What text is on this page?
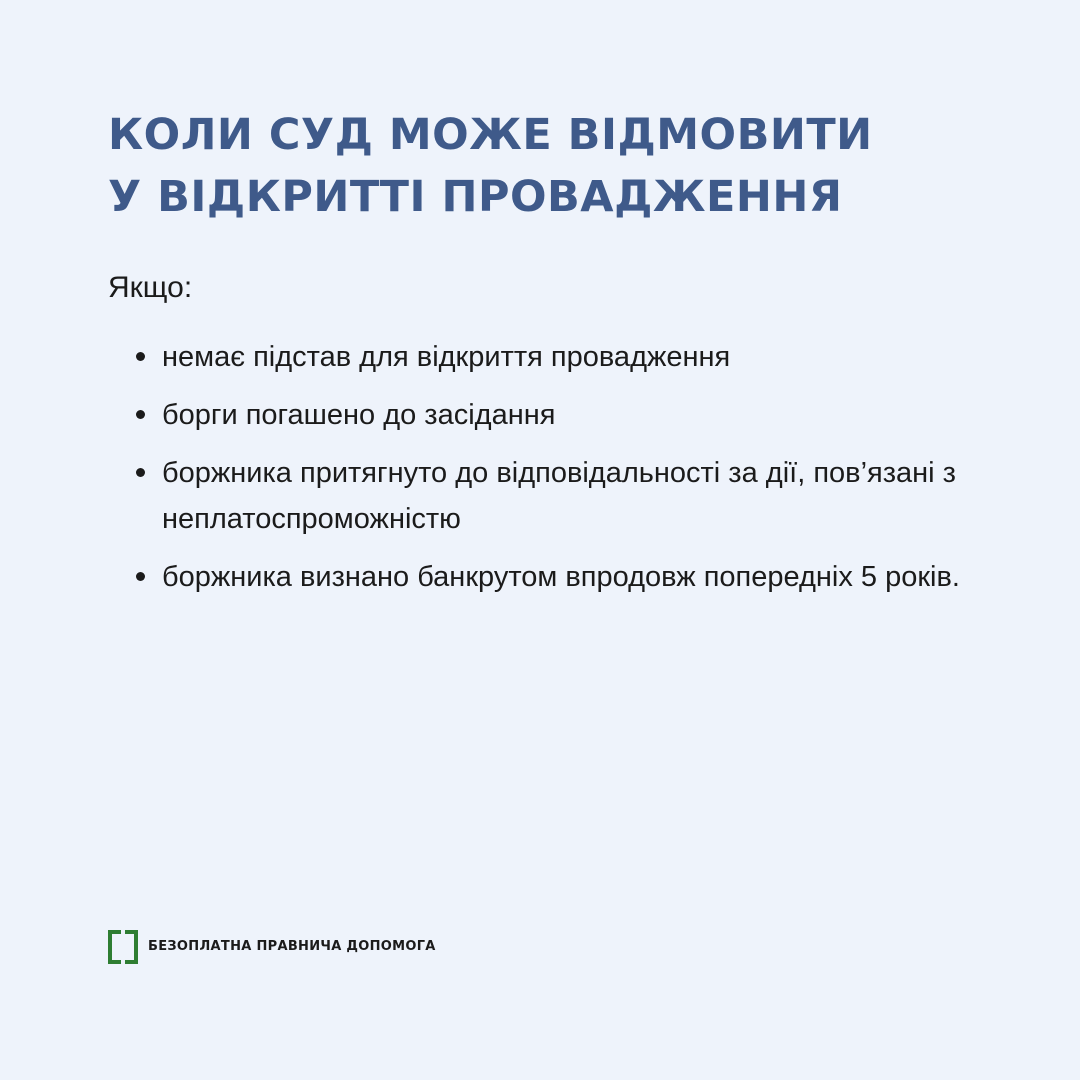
КОЛИ СУД МОЖЕ ВІДМОВИТИ
У ВІДКРИТТІ ПРОВАДЖЕННЯ

Якщо:

немає підстав для відкриття провадження
борги погашено до засідання
боржника притягнуто до відповідальності за дії, пов’язані з неплатоспроможністю
боржника визнано банкрутом впродовж попередніх 5 років.
БЕЗОПЛАТНА ПРАВНИЧА ДОПОМОГА
